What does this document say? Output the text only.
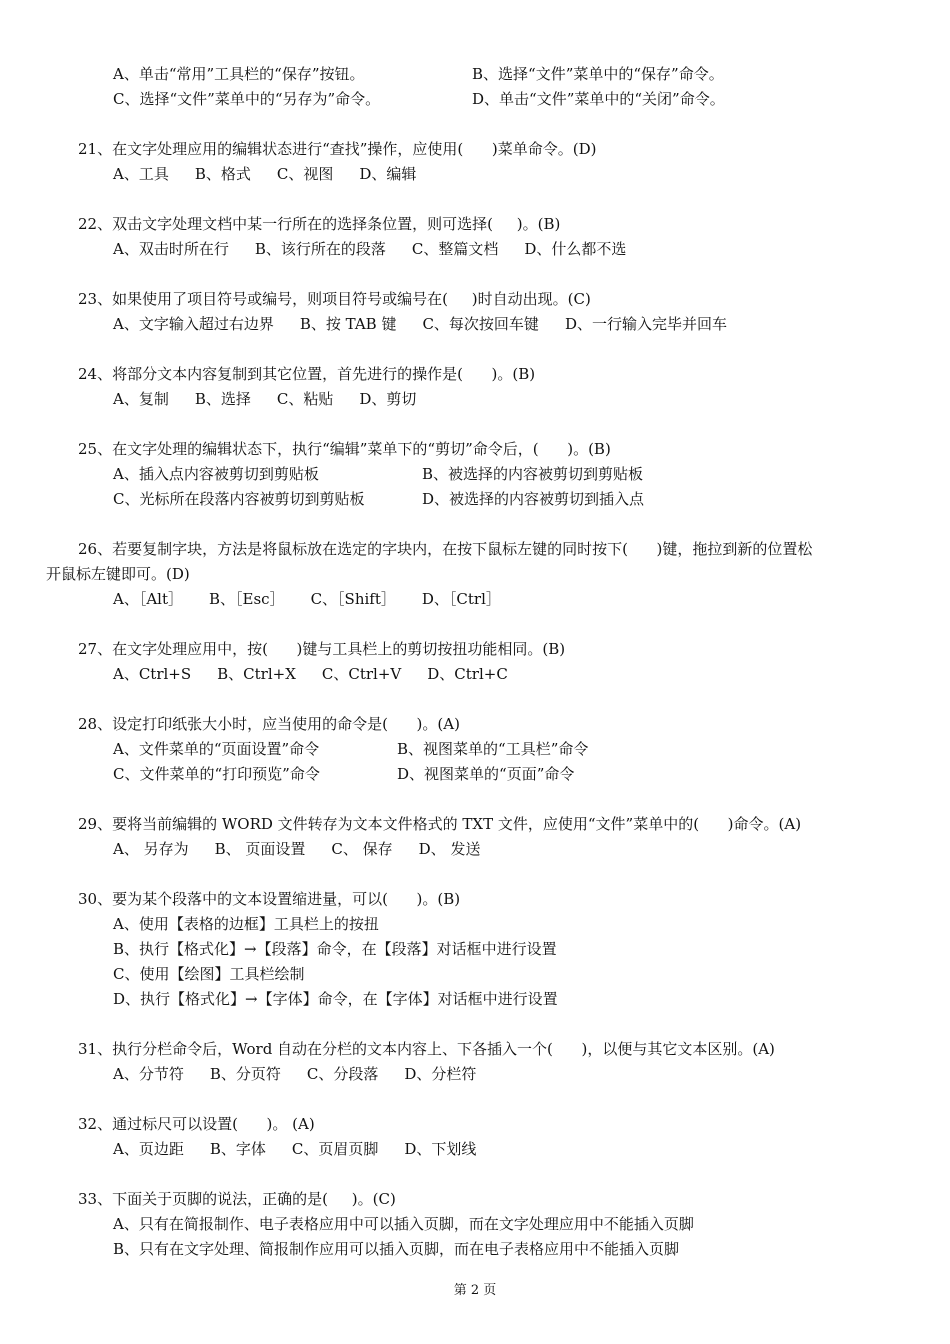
A、单击“常用”工具栏的“保存”按钮。	B、选择“文件”菜单中的“保存”命令。
C、选择“文件”菜单中的“另存为”命令。	D、单击“文件”菜单中的“关闭”命令。
21、在文字处理应用的编辑状态进行“查找”操作，应使用(      )菜单命令。(D)
A、工具 B、格式 C、视图 D、编辑
22、双击文字处理文档中某一行所在的选择条位置，则可选择(     )。(B)
A、双击时所在行 B、该行所在的段落 C、整篇文档 D、什么都不选
23、如果使用了项目符号或编号，则项目符号或编号在(     )时自动出现。(C)
A、文字输入超过右边界 B、按 TAB 键 C、每次按回车键 D、一行输入完毕并回车
24、将部分文本内容复制到其它位置，首先进行的操作是(      )。(B)
A、复制 B、选择 C、粘贴 D、剪切
25、在文字处理的编辑状态下，执行“编辑”菜单下的“剪切”命令后，(      )。(B)
A、插入点内容被剪切到剪贴板	B、被选择的内容被剪切到剪贴板
C、光标所在段落内容被剪切到剪贴板	D、被选择的内容被剪切到插入点
26、若要复制字块，方法是将鼠标放在选定的字块内，在按下鼠标左键的同时按下(      )键，拖拉到新的位置松
开鼠标左键即可。(D)
A、［Alt］ B、［Esc］ C、［Shift］ D、［Ctrl］
27、在文字处理应用中，按(      )键与工具栏上的剪切按扭功能相同。(B)
A、Ctrl+S B、Ctrl+X C、Ctrl+V D、Ctrl+C
28、设定打印纸张大小时，应当使用的命令是(      )。(A)
A、文件菜单的“页面设置”命令	B、视图菜单的“工具栏”命令
C、文件菜单的“打印预览”命令	D、视图菜单的“页面”命令
29、要将当前编辑的 WORD 文件转存为文本文件格式的 TXT 文件，应使用“文件”菜单中的(      )命令。(A)
A、 另存为 B、 页面设置 C、 保存 D、 发送
30、要为某个段落中的文本设置缩进量，可以(      )。(B)
A、使用【表格的边框】工具栏上的按扭
B、执行【格式化】→【段落】命令，在【段落】对话框中进行设置
C、使用【绘图】工具栏绘制
D、执行【格式化】→【字体】命令，在【字体】对话框中进行设置
31、执行分栏命令后，Word 自动在分栏的文本内容上、下各插入一个(      )，以便与其它文本区别。(A)
A、分节符 B、分页符 C、分段落 D、分栏符
32、通过标尺可以设置(      )。 (A)
A、页边距 B、字体 C、页眉页脚 D、下划线
33、下面关于页脚的说法，正确的是(     )。(C)
A、只有在简报制作、电子表格应用中可以插入页脚，而在文字处理应用中不能插入页脚
B、只有在文字处理、简报制作应用可以插入页脚，而在电子表格应用中不能插入页脚
第 2 页
